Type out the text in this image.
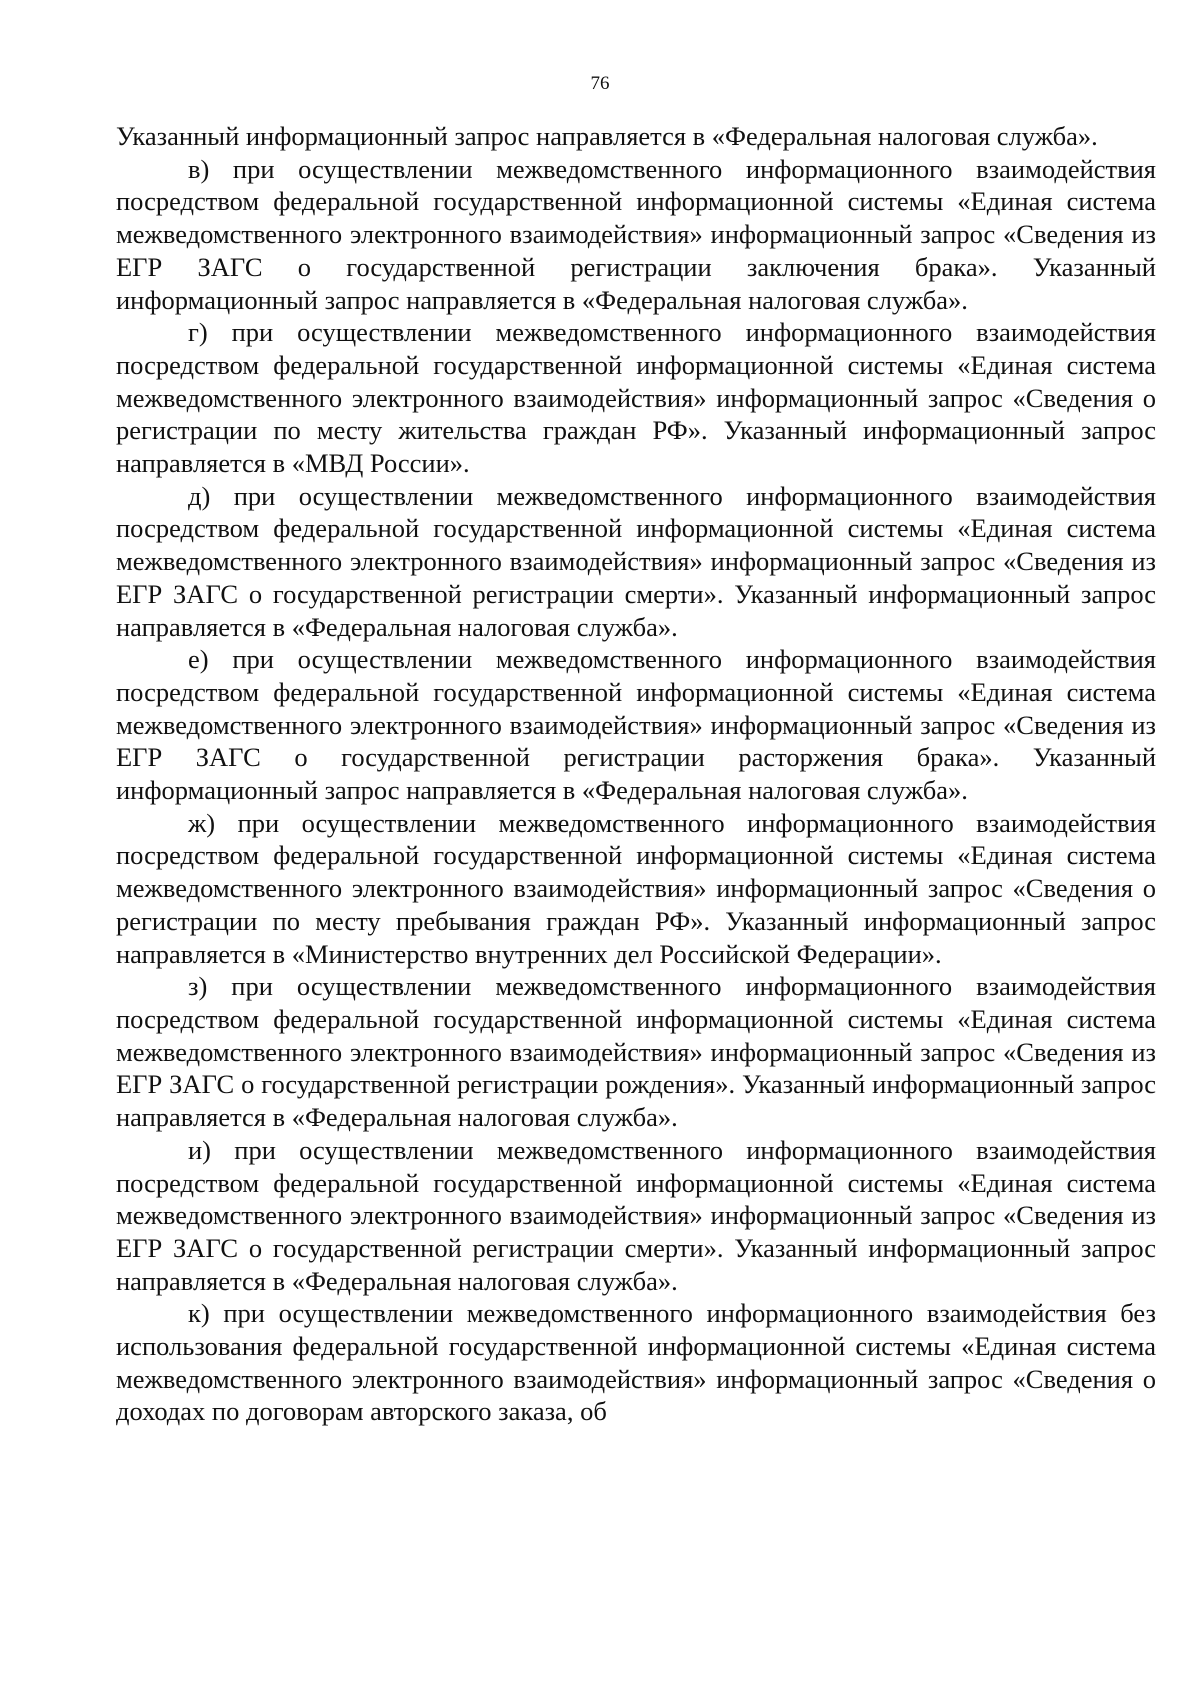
76

Указанный информационный запрос направляется в «Федеральная налоговая служба».

в) при осуществлении межведомственного информационного взаимодействия посредством федеральной государственной информационной системы «Единая система межведомственного электронного взаимодействия» информационный запрос «Сведения из ЕГР ЗАГС о государственной регистрации заключения брака». Указанный информационный запрос направляется в «Федеральная налоговая служба».

г) при осуществлении межведомственного информационного взаимодействия посредством федеральной государственной информационной системы «Единая система межведомственного электронного взаимодействия» информационный запрос «Сведения о регистрации по месту жительства граждан РФ». Указанный информационный запрос направляется в «МВД России».

д) при осуществлении межведомственного информационного взаимодействия посредством федеральной государственной информационной системы «Единая система межведомственного электронного взаимодействия» информационный запрос «Сведения из ЕГР ЗАГС о государственной регистрации смерти». Указанный информационный запрос направляется в «Федеральная налоговая служба».

е) при осуществлении межведомственного информационного взаимодействия посредством федеральной государственной информационной системы «Единая система межведомственного электронного взаимодействия» информационный запрос «Сведения из ЕГР ЗАГС о государственной регистрации расторжения брака». Указанный информационный запрос направляется в «Федеральная налоговая служба».

ж) при осуществлении межведомственного информационного взаимодействия посредством федеральной государственной информационной системы «Единая система межведомственного электронного взаимодействия» информационный запрос «Сведения о регистрации по месту пребывания граждан РФ». Указанный информационный запрос направляется в «Министерство внутренних дел Российской Федерации».

з) при осуществлении межведомственного информационного взаимодействия посредством федеральной государственной информационной системы «Единая система межведомственного электронного взаимодействия» информационный запрос «Сведения из ЕГР ЗАГС о государственной регистрации рождения». Указанный информационный запрос направляется в «Федеральная налоговая служба».

и) при осуществлении межведомственного информационного взаимодействия посредством федеральной государственной информационной системы «Единая система межведомственного электронного взаимодействия» информационный запрос «Сведения из ЕГР ЗАГС о государственной регистрации смерти». Указанный информационный запрос направляется в «Федеральная налоговая служба».

к) при осуществлении межведомственного информационного взаимодействия без использования федеральной государственной информационной системы «Единая система межведомственного электронного взаимодействия» информационный запрос «Сведения о доходах по договорам авторского заказа, об
